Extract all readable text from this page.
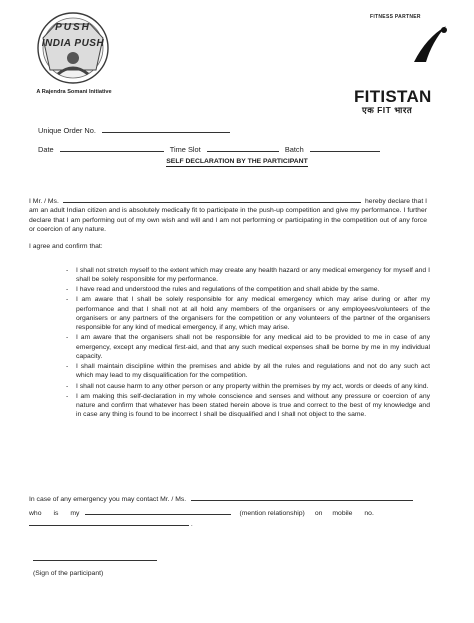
PUSH
INDIA PUSH
A Rajendra Somani Initiative
FITNESS PARTNER
FITISTAN
एक FIT भारत
Unique Order No.
Date	Time Slot	Batch
SELF DECLARATION BY THE PARTICIPANT
I Mr. / Ms.	hereby declare that I
am an adult Indian citizen and is absolutely medically fit to participate in the push-up competition and give my performance. I further declare that I am performing out of my own wish and will and I am not performing or participating in the competition out of any force or coercion of any nature.
I agree and confirm that:
- I shall not stretch myself to the extent which may create any health hazard or any medical emergency for myself and I shall be solely responsible for my performance.
- I have read and understood the rules and regulations of the competition and shall abide by the same.
- I am aware that I shall be solely responsible for any medical emergency which may arise during or after my performance and that I shall not at all hold any members of the organisers or any employees/volunteers of the organisers or any partners of the organisers for the competition or any volunteers of the partner of the organisers responsible for any kind of medical emergency, if any, which may arise.
- I am aware that the organisers shall not be responsible for any medical aid to be provided to me in case of any emergency, except any medical first-aid, and that any such medical expenses shall be borne by me in my individual capacity.
- I shall maintain discipline within the premises and abide by all the rules and regulations and not do any such act which may lead to my disqualification for the competition.
- I shall not cause harm to any other person or any property within the premises by my act, words or deeds of any kind.
- I am making this self-declaration in my whole conscience and senses and without any pressure or coercion of any nature and confirm that whatever has been stated herein above is true and correct to the best of my knowledge and in case any thing is found to be incorrect I shall be disqualified and I shall not object to the same.
In case of any emergency you may contact Mr. / Ms.
who is my	(mention relationship) on mobile no.
.
(Sign of the participant)
